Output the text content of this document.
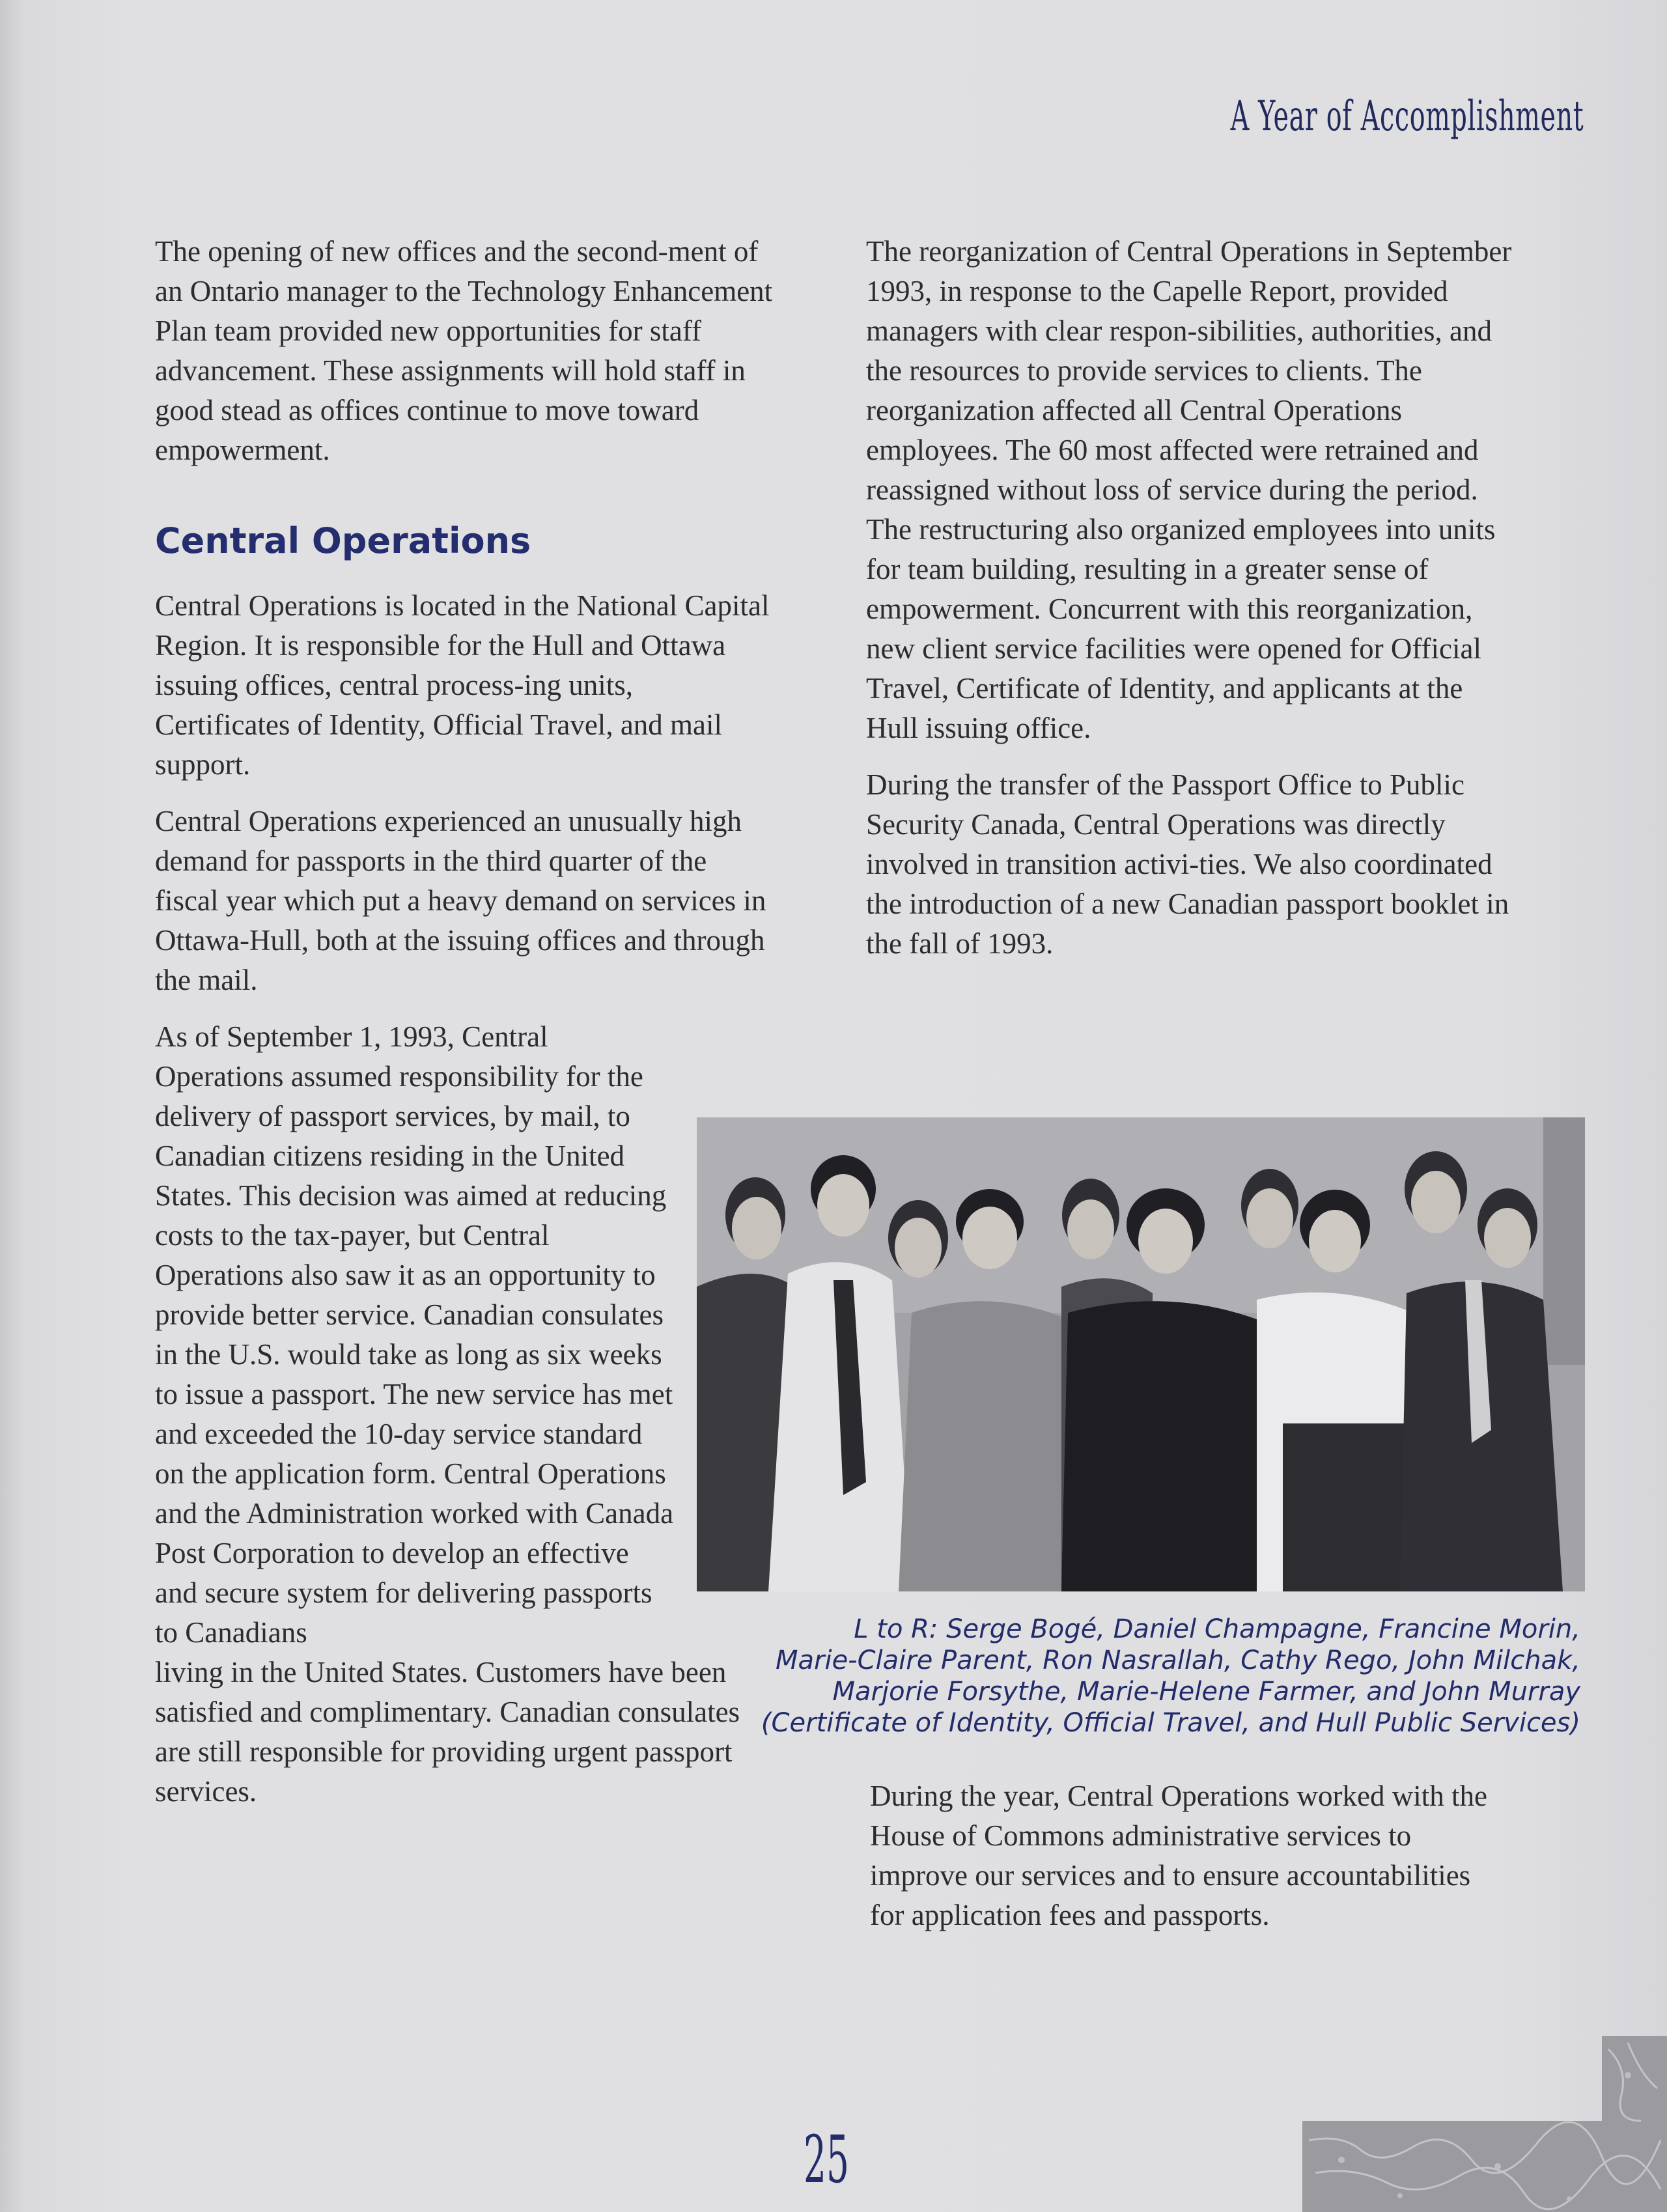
A Year of Accomplishment

The opening of new offices and the second-ment of an Ontario manager to the Technology Enhancement Plan team provided new opportunities for staff advancement. These assignments will hold staff in good stead as offices continue to move toward empowerment.

Central Operations

Central Operations is located in the National Capital Region. It is responsible for the Hull and Ottawa issuing offices, central process-ing units, Certificates of Identity, Official Travel, and mail support.

Central Operations experienced an unusually high demand for passports in the third quarter of the fiscal year which put a heavy demand on services in Ottawa-Hull, both at the issuing offices and through the mail.

As of September 1, 1993, Central Operations assumed responsibility for the delivery of passport services, by mail, to Canadian citizens residing in the United States. This decision was aimed at reducing costs to the tax-payer, but Central Operations also saw it as an opportunity to provide better service. Canadian consulates in the U.S. would take as long as six weeks to issue a passport. The new service has met and exceeded the 10-day service standard on the application form. Central Operations and the Administration worked with Canada Post Corporation to develop an effective and secure system for delivering passports to Canadians
living in the United States. Customers have been satisfied and complimentary. Canadian consulates are still responsible for providing urgent passport services.

The reorganization of Central Operations in September 1993, in response to the Capelle Report, provided managers with clear respon-sibilities, authorities, and the resources to provide services to clients. The reorganization affected all Central Operations employees. The 60 most affected were retrained and reassigned without loss of service during the period. The restructuring also organized employees into units for team building, resulting in a greater sense of empowerment. Concurrent with this reorganization, new client service facilities were opened for Official Travel, Certificate of Identity, and applicants at the Hull issuing office.

During the transfer of the Passport Office to Public Security Canada, Central Operations was directly involved in transition activi-ties. We also coordinated the introduction of a new Canadian passport booklet in the fall of 1993.

L to R: Serge Bogé, Daniel Champagne, Francine Morin,
Marie-Claire Parent, Ron Nasrallah, Cathy Rego, John Milchak,
Marjorie Forsythe, Marie-Helene Farmer, and John Murray
(Certificate of Identity, Official Travel, and Hull Public Services)

During the year, Central Operations worked with the House of Commons administrative services to improve our services and to ensure accountabilities for application fees and passports.

25
